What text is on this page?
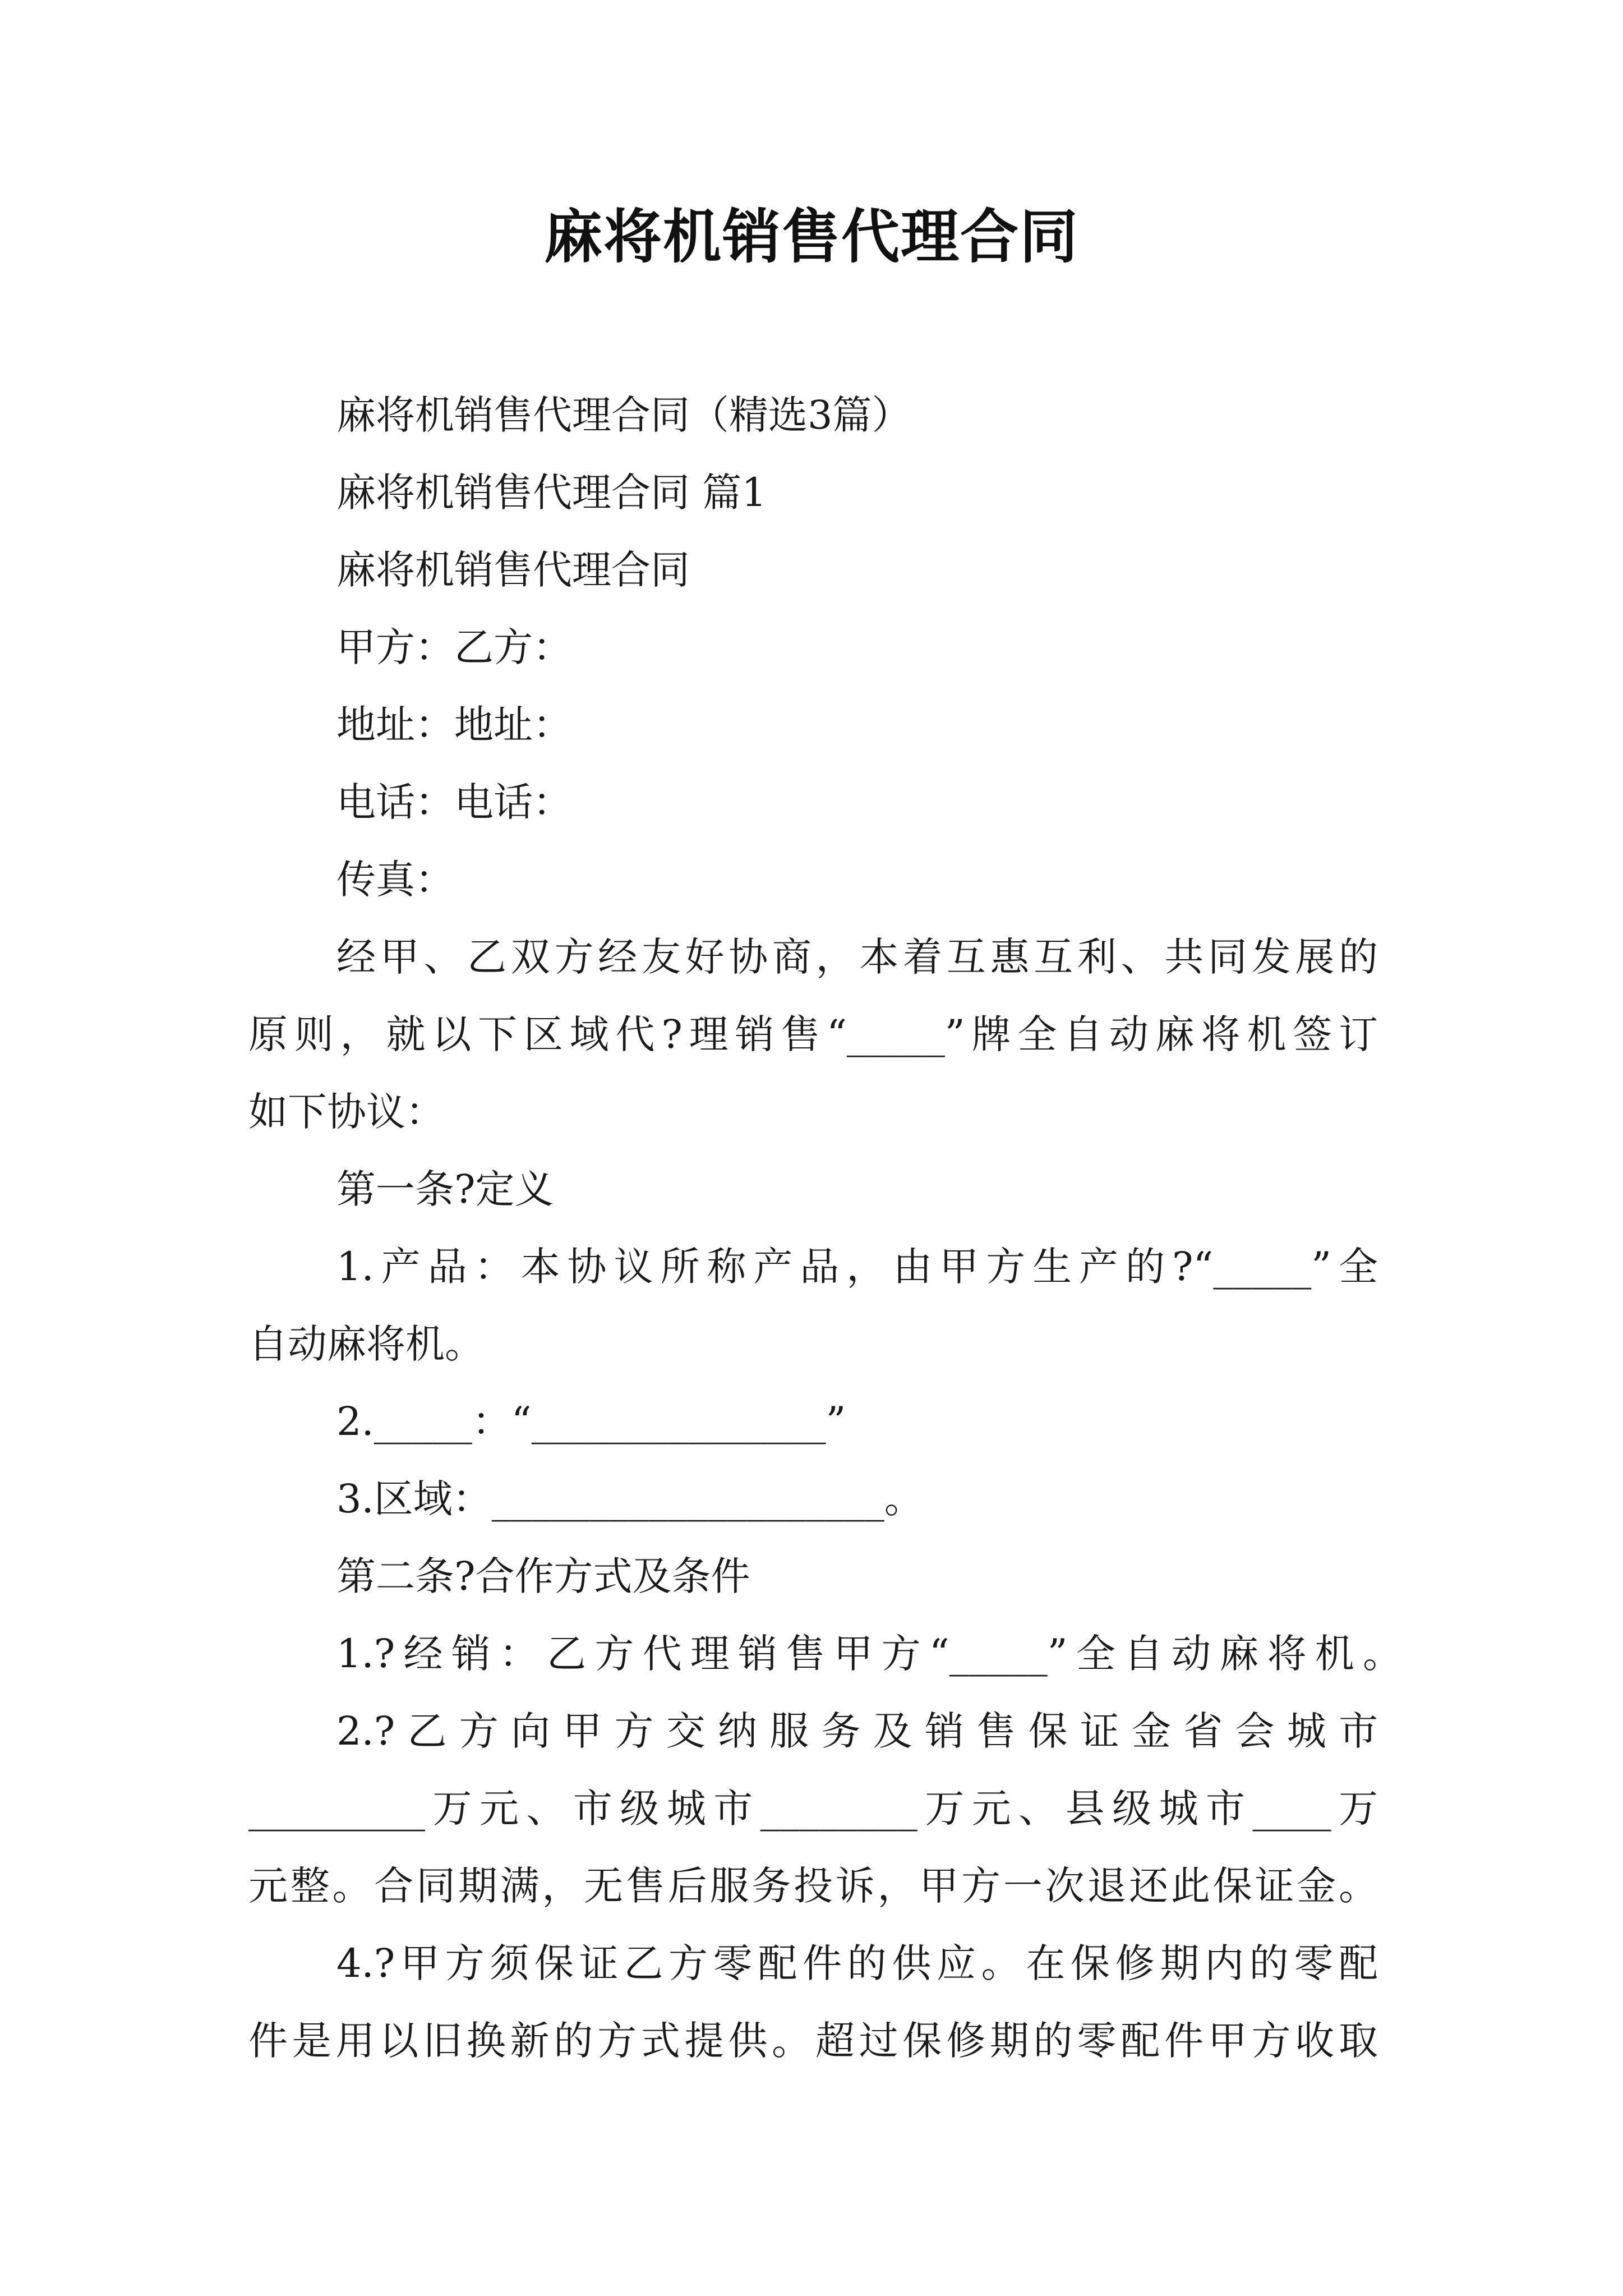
麻将机销售代理合同
麻将机销售代理合同（精选3篇）
麻将机销售代理合同 篇1
麻将机销售代理合同
甲方：乙方：
地址：地址：
电话：电话：
传真：
经甲、乙双方经友好协商，本着互惠互利、共同发展的
原则，就以下区域代?理销售“_____”牌全自动麻将机签订
如下协议：
第一条?定义
1.产品：本协议所称产品，由甲方生产的?“_____”全
自动麻将机。
2._____：“_______________”
3.区域：____________________。
第二条?合作方式及条件
1.?经销：乙方代理销售甲方“_____”全自动麻将机。
2.?乙方向甲方交纳服务及销售保证金省会城市
_________万元、市级城市________万元、县级城市____万
元整。合同期满，无售后服务投诉，甲方一次退还此保证金。
4.?甲方须保证乙方零配件的供应。在保修期内的零配
件是用以旧换新的方式提供。超过保修期的零配件甲方收取
